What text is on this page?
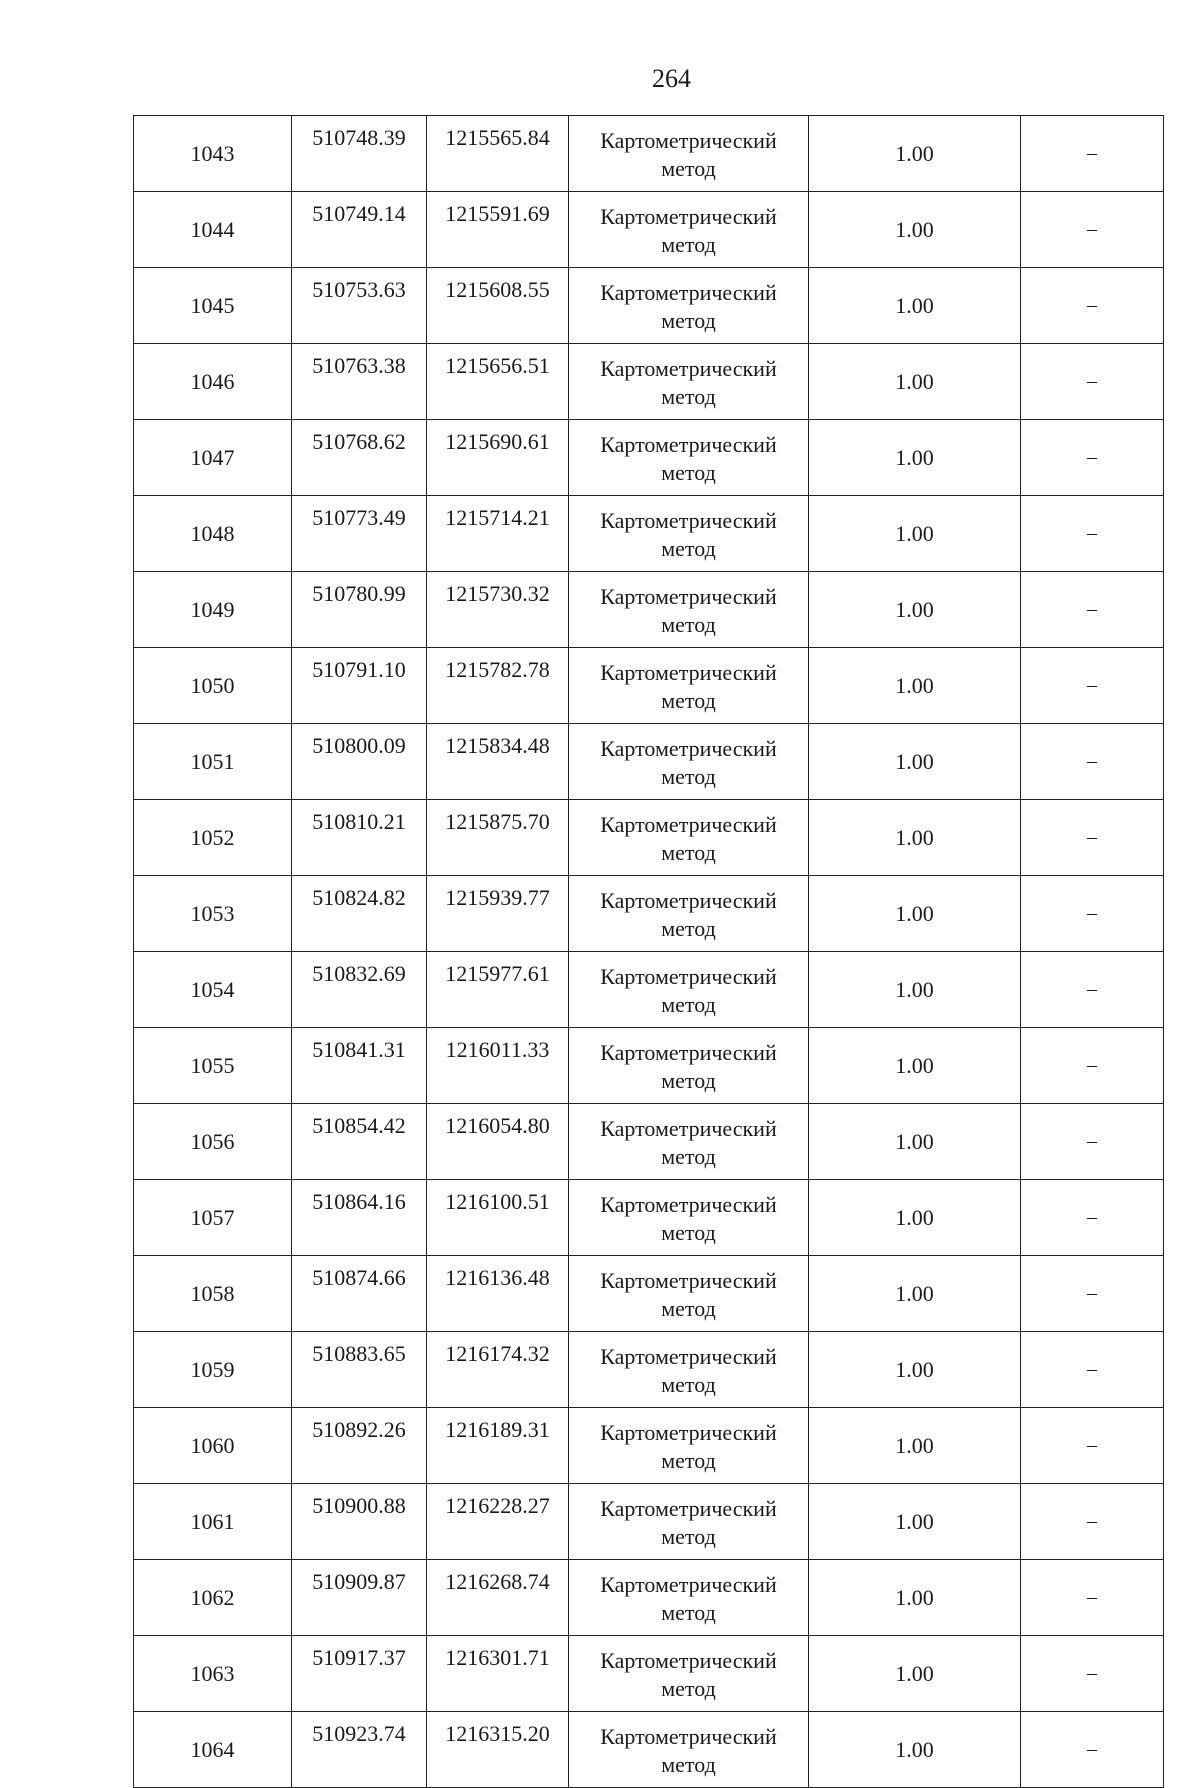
264
1043	510748.39	1215565.84	Картометрический
метод	1.00	–
1044	510749.14	1215591.69	Картометрический
метод	1.00	–
1045	510753.63	1215608.55	Картометрический
метод	1.00	–
1046	510763.38	1215656.51	Картометрический
метод	1.00	–
1047	510768.62	1215690.61	Картометрический
метод	1.00	–
1048	510773.49	1215714.21	Картометрический
метод	1.00	–
1049	510780.99	1215730.32	Картометрический
метод	1.00	–
1050	510791.10	1215782.78	Картометрический
метод	1.00	–
1051	510800.09	1215834.48	Картометрический
метод	1.00	–
1052	510810.21	1215875.70	Картометрический
метод	1.00	–
1053	510824.82	1215939.77	Картометрический
метод	1.00	–
1054	510832.69	1215977.61	Картометрический
метод	1.00	–
1055	510841.31	1216011.33	Картометрический
метод	1.00	–
1056	510854.42	1216054.80	Картометрический
метод	1.00	–
1057	510864.16	1216100.51	Картометрический
метод	1.00	–
1058	510874.66	1216136.48	Картометрический
метод	1.00	–
1059	510883.65	1216174.32	Картометрический
метод	1.00	–
1060	510892.26	1216189.31	Картометрический
метод	1.00	–
1061	510900.88	1216228.27	Картометрический
метод	1.00	–
1062	510909.87	1216268.74	Картометрический
метод	1.00	–
1063	510917.37	1216301.71	Картометрический
метод	1.00	–
1064	510923.74	1216315.20	Картометрический
метод	1.00	–
